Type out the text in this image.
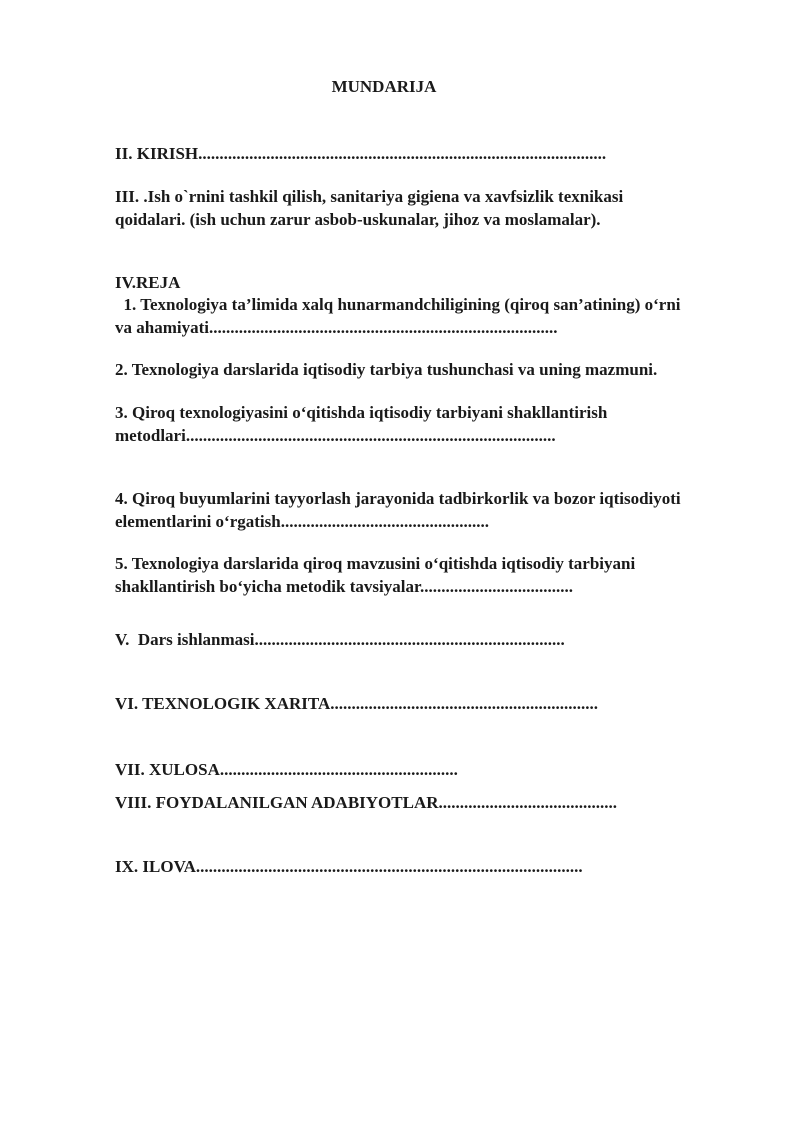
MUNDARIJA
II. KIRISH................................................................................................
III. .Ish o`rnini tashkil qilish, sanitariya gigiena va xavfsizlik texnikasi
qoidalari. (ish uchun zarur asbob-uskunalar, jihoz va moslamalar).
IV.REJA
1. Texnologiya ta’limida xalq hunarmandchiligining (qiroq san’atining) o‘rni
va ahamiyati..................................................................................
2. Texnologiya darslarida iqtisodiy tarbiya tushunchasi va uning mazmuni.
3. Qiroq texnologiyasini o‘qitishda iqtisodiy tarbiyani shakllantirish
metodlari.......................................................................................
4. Qiroq buyumlarini tayyorlash jarayonida tadbirkorlik va bozor iqtisodiyoti
elementlarini o‘rgatish.................................................
5. Texnologiya darslarida qiroq mavzusini o‘qitishda iqtisodiy tarbiyani
shakllantirish bo‘yicha metodik tavsiyalar....................................
V.  Dars ishlanmasi.........................................................................
VI. TEXNOLOGIK XARITA...............................................................
VII. XULOSA........................................................
VIII. FOYDALANILGAN ADABIYOTLAR..........................................
IX. ILOVA...........................................................................................
